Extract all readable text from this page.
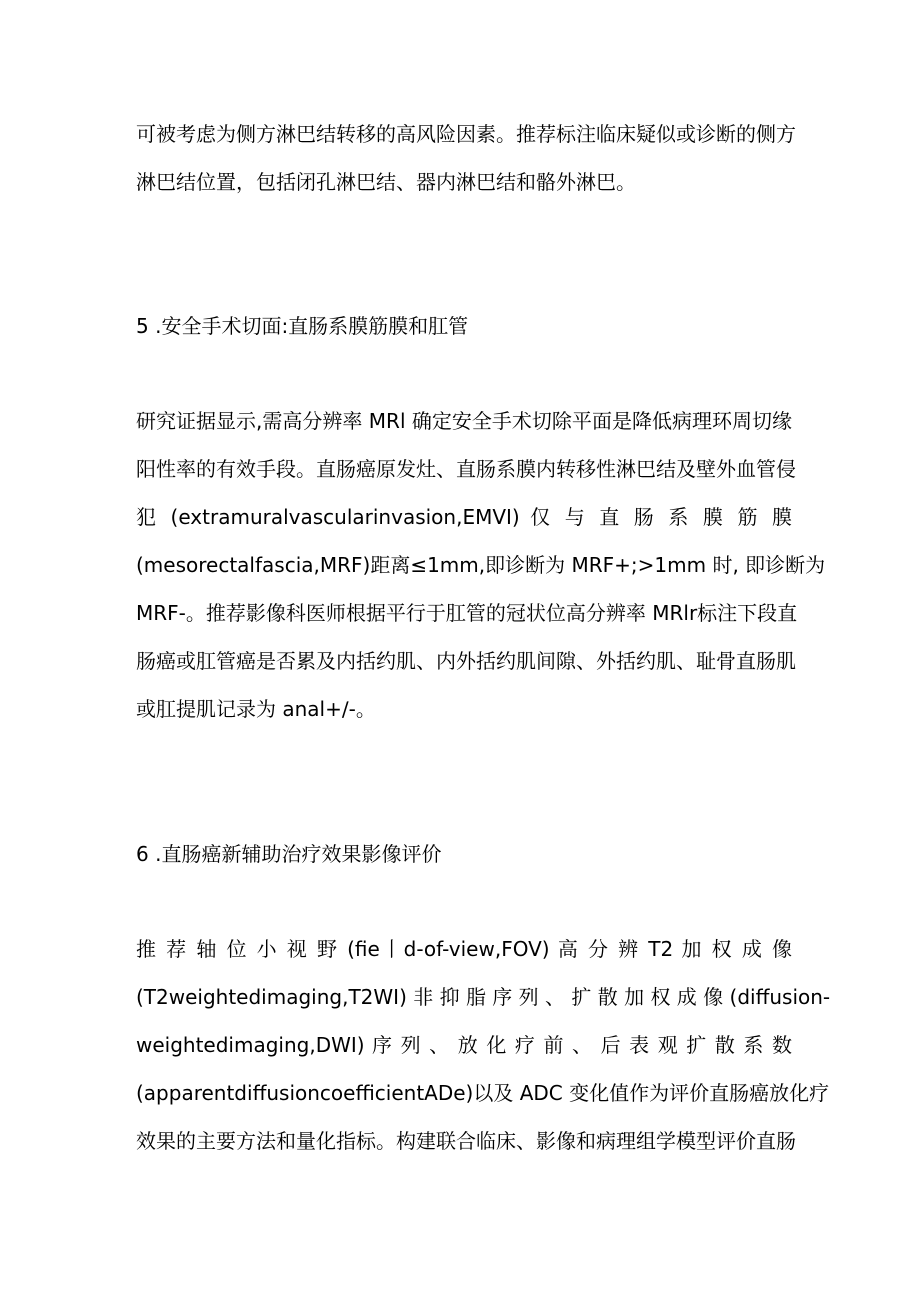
可被考虑为侧方淋巴结转移的高风险因素。推荐标注临床疑似或诊断的侧方

淋巴结位置，包括闭孔淋巴结、器内淋巴结和骼外淋巴。

5 .安全手术切面:直肠系膜筋膜和肛管

研究证据显示,需高分辨率 MRl 确定安全手术切除平面是降低病理环周切缘

阳性率的有效手段。直肠癌原发灶、直肠系膜内转移性淋巴结及壁外血管侵

犯 (extramuralvascularinvasion,EMVI) 仅 与 直 肠 系 膜 筋 膜

(mesorectalfascia,MRF)距离≤1mm,即诊断为 MRF+;>1mm 时, 即诊断为

MRF-。推荐影像科医师根据平行于肛管的冠状位高分辨率 MRlr标注下段直

肠癌或肛管癌是否累及内括约肌、内外括约肌间隙、外括约肌、耻骨直肠肌

或肛提肌记录为 anal+∕-。

6 .直肠癌新辅助治疗效果影像评价

推 荐 轴 位 小 视 野 (fie丨d-of-view,FOV) 高 分 辨 T2 加 权 成 像

(T2weightedimaging,T2WI) 非 抑 脂 序 列 、 扩 散 加 权 成 像 (diffusion-

weightedimaging,DWI) 序 列 、 放 化 疗 前 、 后 表 观 扩 散 系 数

(apparentdiffusioncoefficientADe)以及 ADC 变化值作为评价直肠癌放化疗

效果的主要方法和量化指标。构建联合临床、影像和病理组学模型评价直肠
